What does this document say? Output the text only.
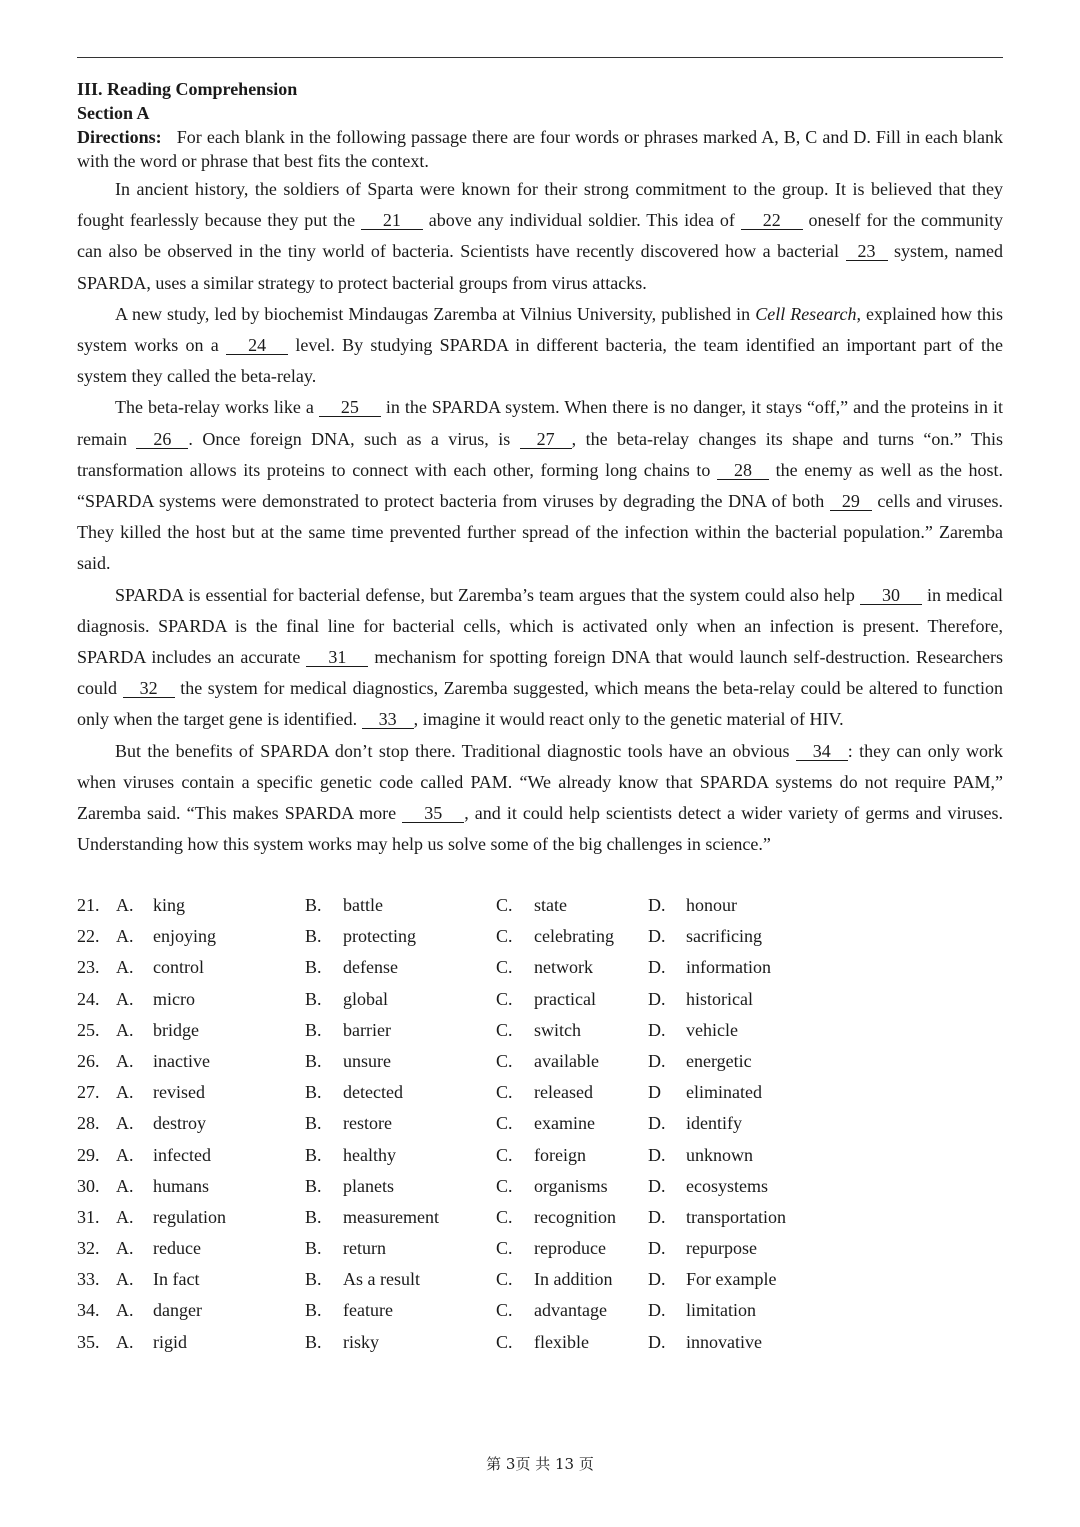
III. Reading Comprehension
Section A
Directions: For each blank in the following passage there are four words or phrases marked A, B, C and D. Fill in each blank with the word or phrase that best fits the context.

In ancient history, the soldiers of Sparta were known for their strong commitment to the group. It is believed that they fought fearlessly because they put the 21 above any individual soldier. This idea of 22 oneself for the community can also be observed in the tiny world of bacteria. Scientists have recently discovered how a bacterial 23 system, named SPARDA, uses a similar strategy to protect bacterial groups from virus attacks.

A new study, led by biochemist Mindaugas Zaremba at Vilnius University, published in Cell Research, explained how this system works on a 24 level. By studying SPARDA in different bacteria, the team identified an important part of the system they called the beta-relay.

The beta-relay works like a 25 in the SPARDA system. When there is no danger, it stays “off,” and the proteins in it remain 26 . Once foreign DNA, such as a virus, is 27 , the beta-relay changes its shape and turns “on.” This transformation allows its proteins to connect with each other, forming long chains to 28 the enemy as well as the host. “SPARDA systems were demonstrated to protect bacteria from viruses by degrading the DNA of both 29 cells and viruses. They killed the host but at the same time prevented further spread of the infection within the bacterial population.” Zaremba said.

SPARDA is essential for bacterial defense, but Zaremba’s team argues that the system could also help 30 in medical diagnosis. SPARDA is the final line for bacterial cells, which is activated only when an infection is present. Therefore, SPARDA includes an accurate 31 mechanism for spotting foreign DNA that would launch self-destruction. Researchers could 32 the system for medical diagnostics, Zaremba suggested, which means the beta-relay could be altered to function only when the target gene is identified. 33 , imagine it would react only to the genetic material of HIV.

But the benefits of SPARDA don’t stop there. Traditional diagnostic tools have an obvious 34 : they can only work when viruses contain a specific genetic code called PAM. “We already know that SPARDA systems do not require PAM,” Zaremba said. “This makes SPARDA more 35 , and it could help scientists detect a wider variety of germs and viruses. Understanding how this system works may help us solve some of the big challenges in science.”

21. A. king	B. battle	C. state	D. honour
22. A. enjoying	B. protecting	C. celebrating D. sacrificing
23. A. control	B. defense	C. network	D. information
24. A. micro	B. global	C. practical	D. historical
25. A. bridge	B. barrier	C. switch	D. vehicle
26. A. inactive	B. unsure	C. available	D. energetic
27. A. revised	B. detected	C. released	D eliminated
28. A. destroy	B. restore	C. examine	D. identify
29. A. infected	B. healthy	C. foreign	D. unknown
30. A. humans	B. planets	C. organisms D. ecosystems
31. A. regulation	B. measurement	C. recognition D. transportation
32. A. reduce	B. return	C. reproduce D. repurpose
33. A. In fact	B. As a result	C. In addition D. For example
34. A. danger	B. feature	C. advantage D. limitation
35. A. rigid	B. risky	C. flexible	D. innovative
第 3页 共 13 页
